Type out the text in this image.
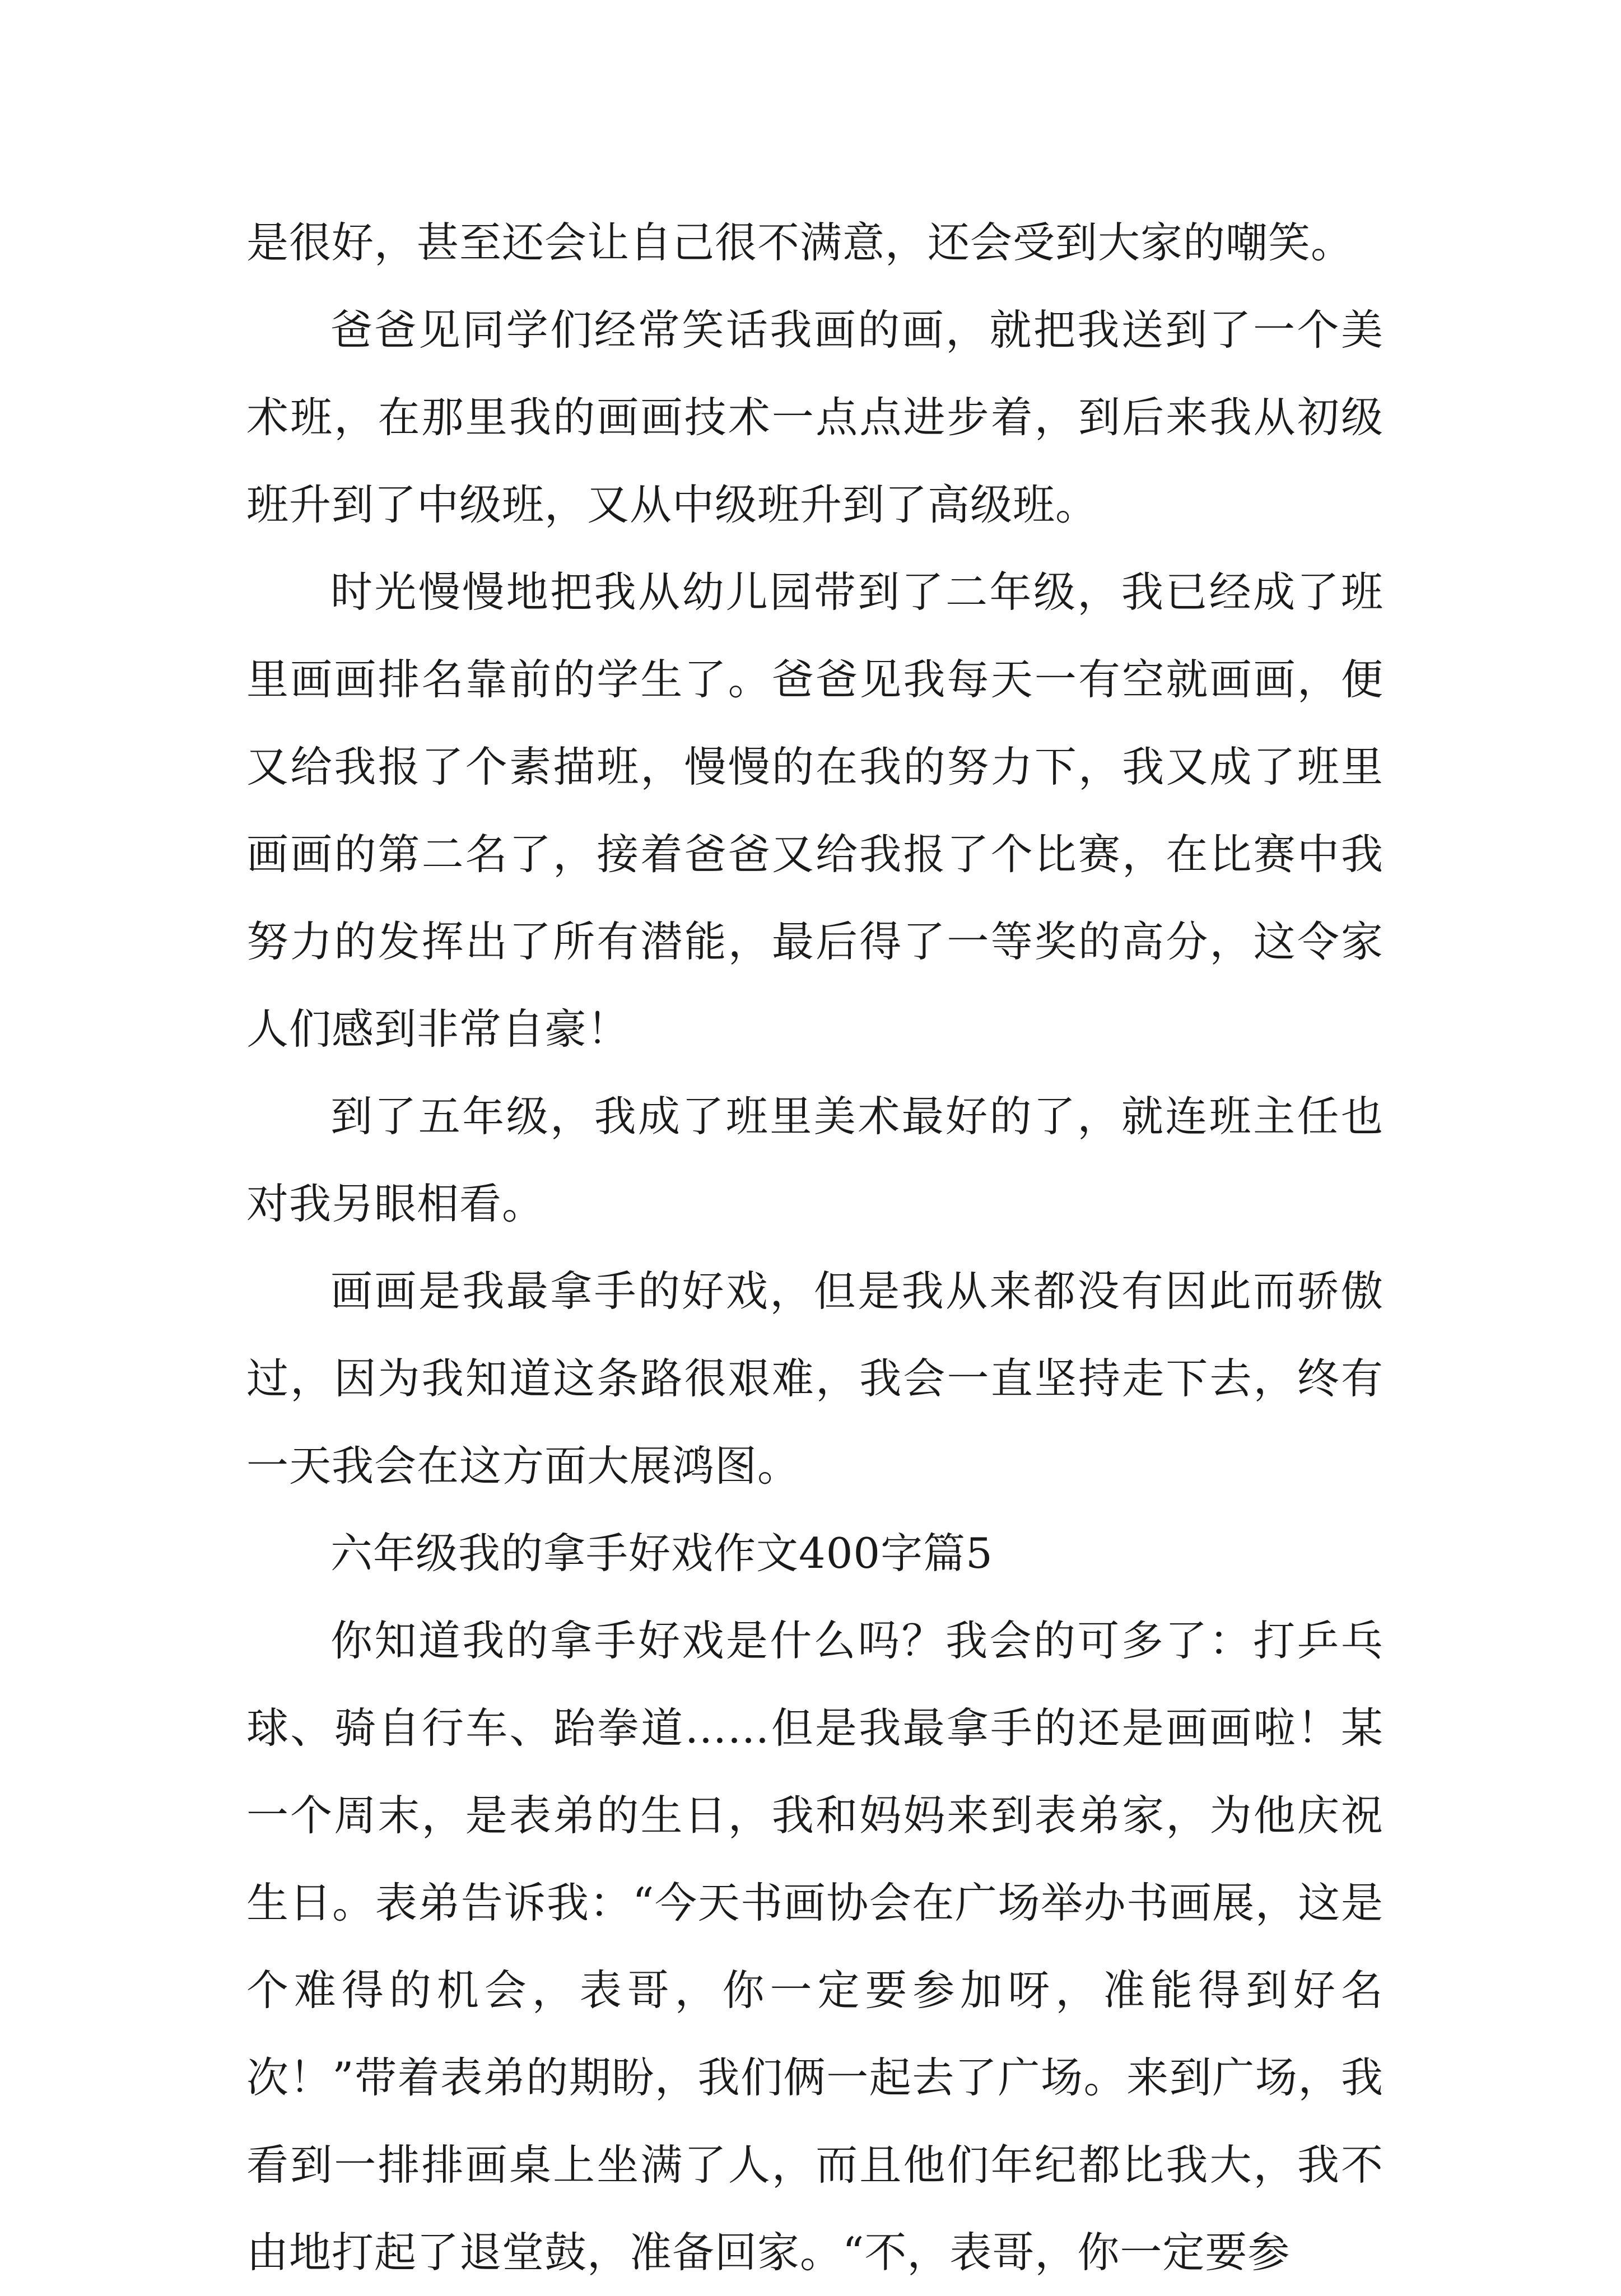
是很好，甚至还会让自己很不满意，还会受到大家的嘲笑。

爸爸见同学们经常笑话我画的画，就把我送到了一个美术班，在那里我的画画技术一点点进步着，到后来我从初级班升到了中级班，又从中级班升到了高级班。

时光慢慢地把我从幼儿园带到了二年级，我已经成了班里画画排名靠前的学生了。爸爸见我每天一有空就画画，便又给我报了个素描班，慢慢的在我的努力下，我又成了班里画画的第二名了，接着爸爸又给我报了个比赛，在比赛中我努力的发挥出了所有潜能，最后得了一等奖的高分，这令家人们感到非常自豪！

到了五年级，我成了班里美术最好的了，就连班主任也对我另眼相看。

画画是我最拿手的好戏，但是我从来都没有因此而骄傲过，因为我知道这条路很艰难，我会一直坚持走下去，终有一天我会在这方面大展鸿图。

六年级我的拿手好戏作文400字篇5

你知道我的拿手好戏是什么吗？我会的可多了：打乒乓球、骑自行车、跆拳道……但是我最拿手的还是画画啦！某一个周末，是表弟的生日，我和妈妈来到表弟家，为他庆祝生日。表弟告诉我：“今天书画协会在广场举办书画展，这是个难得的机会，表哥，你一定要参加呀，准能得到好名次！”带着表弟的期盼，我们俩一起去了广场。来到广场，我看到一排排画桌上坐满了人，而且他们年纪都比我大，我不由地打起了退堂鼓，准备回家。“不，表哥，你一定要参
